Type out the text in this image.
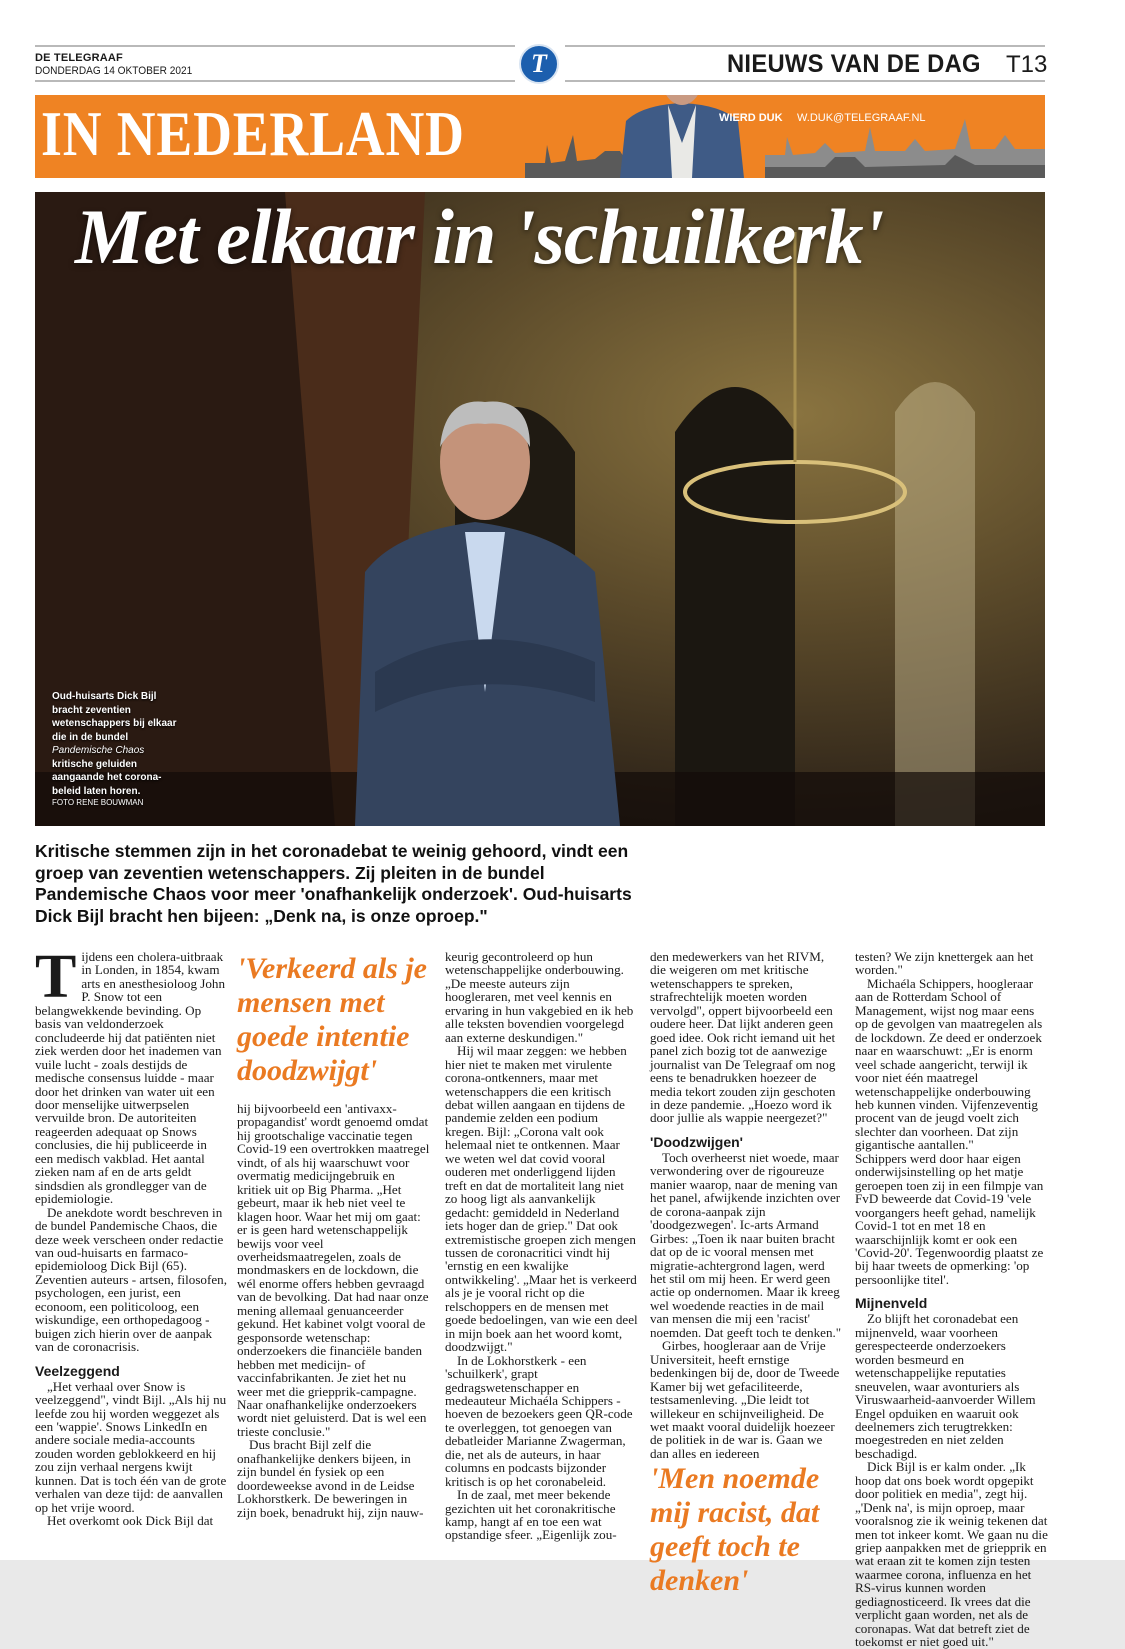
DE TELEGRAAF
DONDERDAG 14 OKTOBER 2021	T	NIEUWS VAN DE DAG T13
IN NEDERLAND	WIERD DUK W.DUK@TELEGRAAF.NL
Met elkaar in 'schuilkerk'
Oud-huisarts Dick Bijl bracht zeventien wetenschappers bij elkaar die in de bundel Pandemische Chaos kritische geluiden aangaande het corona-beleid laten horen.
FOTO RENE BOUWMAN
Kritische stemmen zijn in het coronadebat te weinig gehoord, vindt een groep van zeventien wetenschappers. Zij pleiten in de bundel Pandemische Chaos voor meer 'onafhankelijk onderzoek'. Oud-huisarts Dick Bijl bracht hen bijeen: „Denk na, is onze oproep."

Tijdens een cholera-uitbraak in Londen, in 1854, kwam arts en anesthesioloog John P. Snow tot een belangwekkende bevinding. Op basis van veldonderzoek concludeerde hij dat patiënten niet ziek werden door het inademen van vuile lucht - zoals destijds de medische consensus luidde - maar door het drinken van water uit een door menselijke uitwerpselen vervuilde bron. De autoriteiten reageerden adequaat op Snows conclusies, die hij publiceerde in een medisch vakblad. Het aantal zieken nam af en de arts geldt sindsdien als grondlegger van de epidemiologie.

De anekdote wordt beschreven in de bundel Pandemische Chaos, die deze week verscheen onder redactie van oud-huisarts en farmaco-epidemioloog Dick Bijl (65). Zeventien auteurs - artsen, filosofen, psychologen, een jurist, een econoom, een politicoloog, een wiskundige, een orthopedagoog - buigen zich hierin over de aanpak van de coronacrisis.

Veelzeggend

„Het verhaal over Snow is veelzeggend", vindt Bijl. „Als hij nu leefde zou hij worden weggezet als een 'wappie'. Snows LinkedIn en andere sociale media-accounts zouden worden geblokkeerd en hij zou zijn verhaal nergens kwijt kunnen. Dat is toch één van de grote verhalen van deze tijd: de aanvallen op het vrije woord.

Het overkomt ook Dick Bijl dat

'Verkeerd als je mensen met goede intentie doodzwijgt'

hij bijvoorbeeld een 'antivaxx-propagandist' wordt genoemd omdat hij grootschalige vaccinatie tegen Covid-19 een overtrokken maatregel vindt, of als hij waarschuwt voor overmatig medicijngebruik en kritiek uit op Big Pharma. „Het gebeurt, maar ik heb niet veel te klagen hoor. Waar het mij om gaat: er is geen hard wetenschappelijk bewijs voor veel overheidsmaatregelen, zoals de mondmaskers en de lockdown, die wél enorme offers hebben gevraagd van de bevolking. Dat had naar onze mening allemaal genuanceerder gekund. Het kabinet volgt vooral de gesponsorde wetenschap: onderzoekers die financiële banden hebben met medicijn- of vaccinfabrikanten. Je ziet het nu weer met die griepprik-campagne. Naar onafhankelijke onderzoekers wordt niet geluisterd. Dat is wel een trieste conclusie."

Dus bracht Bijl zelf die onafhankelijke denkers bijeen, in zijn bundel én fysiek op een doordeweekse avond in de Leidse Lokhorstkerk. De beweringen in zijn boek, benadrukt hij, zijn nauw-

keurig gecontroleerd op hun wetenschappelijke onderbouwing. „De meeste auteurs zijn hoogleraren, met veel kennis en ervaring in hun vakgebied en ik heb alle teksten bovendien voorgelegd aan externe deskundigen."

Hij wil maar zeggen: we hebben hier niet te maken met virulente corona-ontkenners, maar met wetenschappers die een kritisch debat willen aangaan en tijdens de pandemie zelden een podium kregen. Bijl: „Corona valt ook helemaal niet te ontkennen. Maar we weten wel dat covid vooral ouderen met onderliggend lijden treft en dat de mortaliteit lang niet zo hoog ligt als aanvankelijk gedacht: gemiddeld in Nederland iets hoger dan de griep." Dat ook extremistische groepen zich mengen tussen de coronacritici vindt hij 'ernstig en een kwalijke ontwikkeling'. „Maar het is verkeerd als je je vooral richt op die relschoppers en de mensen met goede bedoelingen, van wie een deel in mijn boek aan het woord komt, doodzwijgt."

In de Lokhorstkerk - een 'schuilkerk', grapt gedragswetenschapper en medeauteur Michaéla Schippers - hoeven de bezoekers geen QR-code te overleggen, tot genoegen van debatleider Marianne Zwagerman, die, net als de auteurs, in haar columns en podcasts bijzonder kritisch is op het coronabeleid.

In de zaal, met meer bekende gezichten uit het coronakritische kamp, hangt af en toe een wat opstandige sfeer. „Eigenlijk zou-

den medewerkers van het RIVM, die weigeren om met kritische wetenschappers te spreken, strafrechtelijk moeten worden vervolgd", oppert bijvoorbeeld een oudere heer. Dat lijkt anderen geen goed idee. Ook richt iemand uit het panel zich bozig tot de aanwezige journalist van De Telegraaf om nog eens te benadrukken hoezeer de media tekort zouden zijn geschoten in deze pandemie. „Hoezo word ik door jullie als wappie neergezet?"

'Doodzwijgen'

Toch overheerst niet woede, maar verwondering over de rigoureuze manier waarop, naar de mening van het panel, afwijkende inzichten over de corona-aanpak zijn 'doodgezwegen'. Ic-arts Armand Girbes: „Toen ik naar buiten bracht dat op de ic vooral mensen met migratie-achtergrond lagen, werd het stil om mij heen. Er werd geen actie op ondernomen. Maar ik kreeg wel woedende reacties in de mail van mensen die mij een 'racist' noemden. Dat geeft toch te denken."

Girbes, hoogleraar aan de Vrije Universiteit, heeft ernstige bedenkingen bij de, door de Tweede Kamer bij wet gefaciliteerde, testsamenleving. „Die leidt tot willekeur en schijnveiligheid. De wet maakt vooral duidelijk hoezeer de politiek in de war is. Gaan we dan alles en iedereen

'Men noemde mij racist, dat geeft toch te denken'

testen? We zijn knettergek aan het worden."

Michaéla Schippers, hoogleraar aan de Rotterdam School of Management, wijst nog maar eens op de gevolgen van maatregelen als de lockdown. Ze deed er onderzoek naar en waarschuwt: „Er is enorm veel schade aangericht, terwijl ik voor niet één maatregel wetenschappelijke onderbouwing heb kunnen vinden. Vijfenzeventig procent van de jeugd voelt zich slechter dan voorheen. Dat zijn gigantische aantallen."

Schippers werd door haar eigen onderwijsinstelling op het matje geroepen toen zij in een filmpje van FvD beweerde dat Covid-19 'vele voorgangers heeft gehad, namelijk Covid-1 tot en met 18 en waarschijnlijk komt er ook een 'Covid-20'. Tegenwoordig plaatst ze bij haar tweets de opmerking: 'op persoonlijke titel'.

Mijnenveld

Zo blijft het coronadebat een mijnenveld, waar voorheen gerespecteerde onderzoekers worden besmeurd en wetenschappelijke reputaties sneuvelen, waar avonturiers als Viruswaarheid-aanvoerder Willem Engel opduiken en waaruit ook deelnemers zich terugtrekken: moegestreden en niet zelden beschadigd.

Dick Bijl is er kalm onder. „Ik hoop dat ons boek wordt opgepikt door politiek en media", zegt hij. „'Denk na', is mijn oproep, maar vooralsnog zie ik weinig tekenen dat men tot inkeer komt. We gaan nu die griep aanpakken met de griepprik en wat eraan zit te komen zijn testen waarmee corona, influenza en het RS-virus kunnen worden gediagnosticeerd. Ik vrees dat die verplicht gaan worden, net als de coronapas. Wat dat betreft ziet de toekomst er niet goed uit."
